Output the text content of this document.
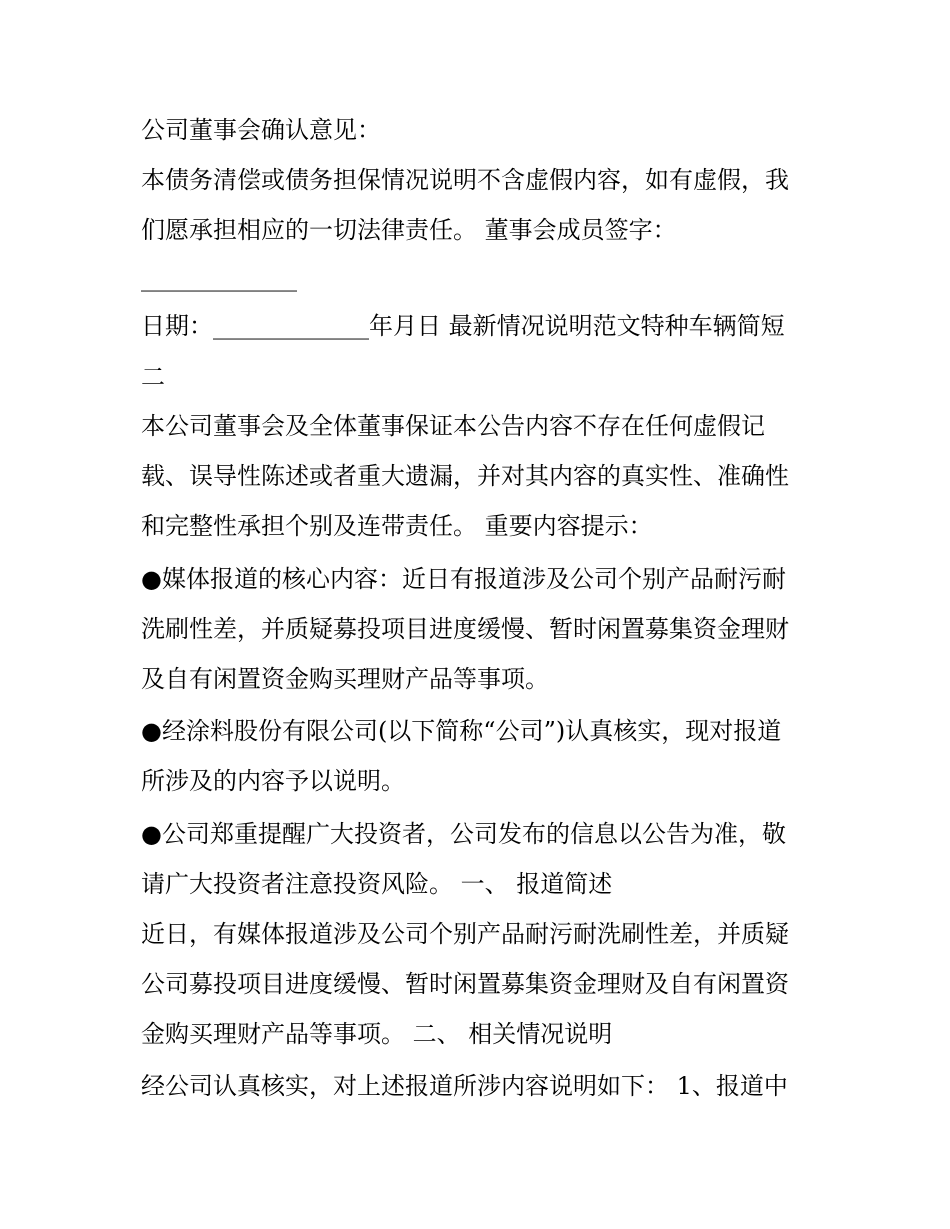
公司董事会确认意见：
本债务清偿或债务担保情况说明不含虚假内容，如有虚假，我
们愿承担相应的一切法律责任。 董事会成员签字：
_____________
日期：_____________年月日 最新情况说明范文特种车辆简短
二
本公司董事会及全体董事保证本公告内容不存在任何虚假记
载、误导性陈述或者重大遗漏，并对其内容的真实性、准确性
和完整性承担个别及连带责任。 重要内容提示：
●媒体报道的核心内容：近日有报道涉及公司个别产品耐污耐
洗刷性差，并质疑募投项目进度缓慢、暂时闲置募集资金理财
及自有闲置资金购买理财产品等事项。
●经涂料股份有限公司(以下简称“公司”)认真核实，现对报道
所涉及的内容予以说明。
●公司郑重提醒广大投资者，公司发布的信息以公告为准，敬
请广大投资者注意投资风险。 一、 报道简述
近日，有媒体报道涉及公司个别产品耐污耐洗刷性差，并质疑
公司募投项目进度缓慢、暂时闲置募集资金理财及自有闲置资
金购买理财产品等事项。 二、 相关情况说明
经公司认真核实，对上述报道所涉内容说明如下： 1、报道中
